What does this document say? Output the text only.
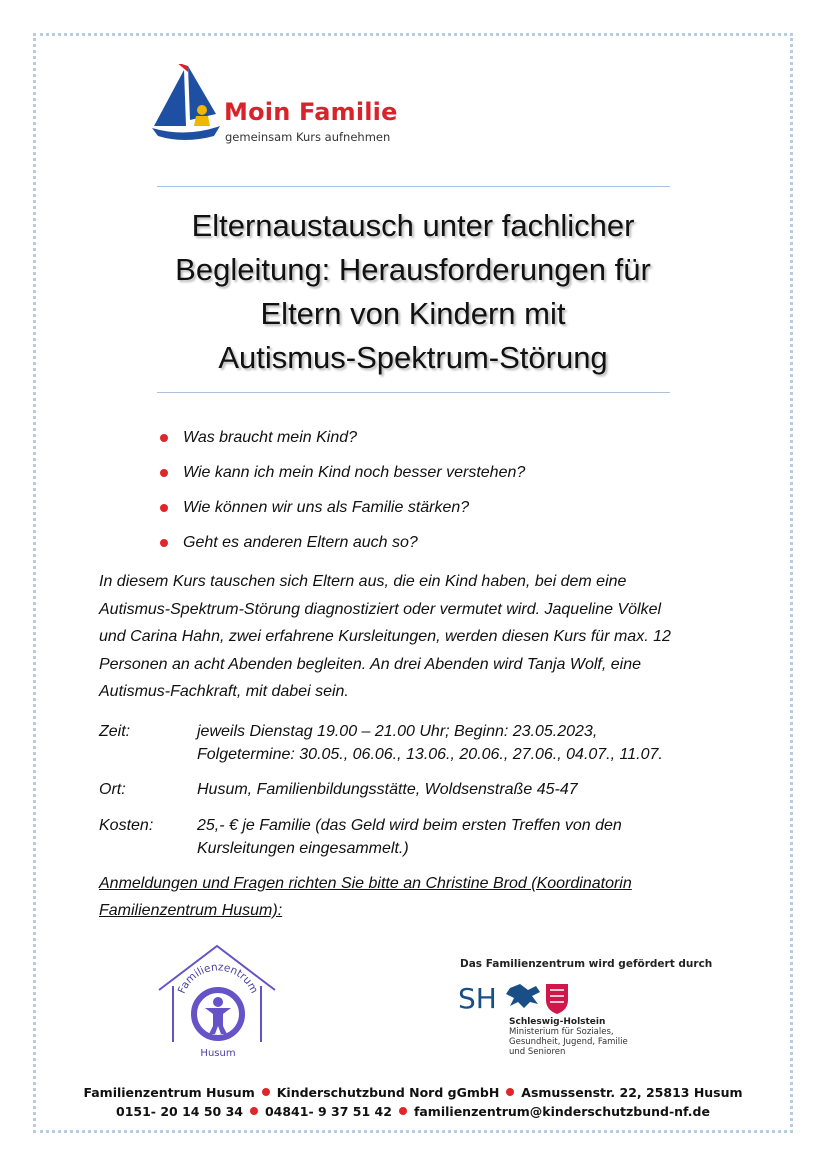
Moin Familie
gemeinsam Kurs aufnehmen
Elternaustausch unter fachlicher
Begleitung: Herausforderungen für
Eltern von Kindern mit
Autismus-Spektrum-Störung
Was braucht mein Kind?
Wie kann ich mein Kind noch besser verstehen?
Wie können wir uns als Familie stärken?
Geht es anderen Eltern auch so?
In diesem Kurs tauschen sich Eltern aus, die ein Kind haben, bei dem eine
Autismus-Spektrum-Störung diagnostiziert oder vermutet wird. Jaqueline Völkel
und Carina Hahn, zwei erfahrene Kursleitungen, werden diesen Kurs für max. 12
Personen an acht Abenden begleiten. An drei Abenden wird Tanja Wolf, eine
Autismus-Fachkraft, mit dabei sein.
Zeit:	jeweils Dienstag 19.00 – 21.00 Uhr; Beginn: 23.05.2023,
Folgetermine: 30.05., 06.06., 13.06., 20.06., 27.06., 04.07., 11.07.
Ort:	Husum, Familienbildungsstätte, Woldsenstraße 45-47
Kosten:	25,- € je Familie (das Geld wird beim ersten Treffen von den
Kursleitungen eingesammelt.)
Anmeldungen und Fragen richten Sie bitte an Christine Brod (Koordinatorin
Familienzentrum Husum):
Familienzentrum
Husum
Das Familienzentrum wird gefördert durch
SH
Schleswig-Holstein
Ministerium für Soziales,
Gesundheit, Jugend, Familie
und Senioren
Familienzentrum Husum Kinderschutzbund Nord gGmbH Asmussenstr. 22, 25813 Husum
0151- 20 14 50 34 04841- 9 37 51 42 familienzentrum@kinderschutzbund-nf.de
